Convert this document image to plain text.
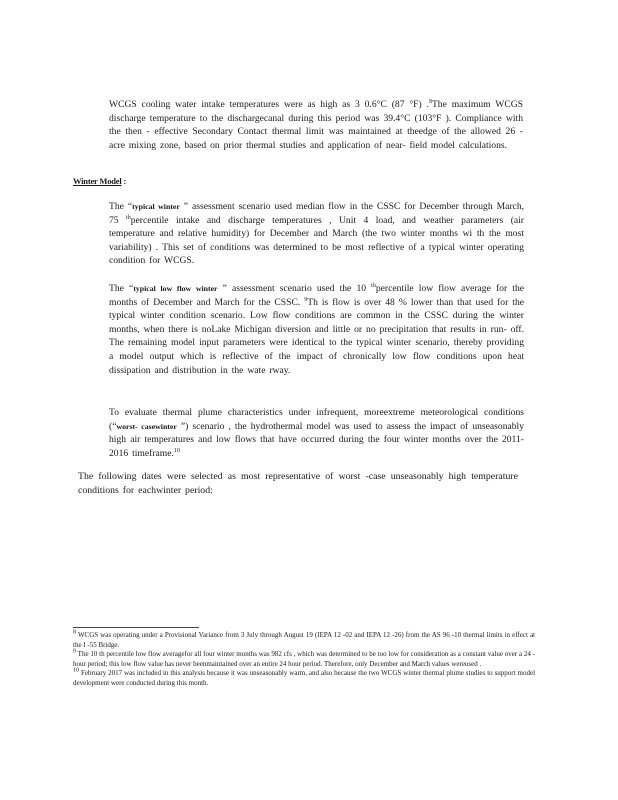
WCGS cooling water intake temperatures were as high as 3 0.6°C (87 °F) .$^8$The maximum WCGS discharge temperature to the dischargecanal during this period was 39.4°C (103°F ). Compliance with the then - effective Secondary Contact thermal limit was maintained at theedge of the allowed 26 -acre mixing zone, based on prior thermal studies and application of near- field model calculations.
Winter Model :
The “typical winter ” assessment scenario used median flow in the CSSC for December through March, 75 $^{th}$percentile intake and discharge temperatures , Unit 4 load, and weather parameters (air temperature and relative humidity) for December and March (the two winter months wi th the most variability) . This set of conditions was determined to be most reflective of a typical winter operating condition for WCGS.
The “typical low flow winter ” assessment scenario used the 10 $^{th}$percentile low flow average for the months of December and March for the CSSC. $^9$Th is flow is over 48 % lower than that used for the typical winter condition scenario. Low flow conditions are common in the CSSC during the winter months, when there is noLake Michigan diversion and little or no precipitation that results in run- off. The remaining model input parameters were identical to the typical winter scenario, thereby providing a model output which is reflective of the impact of chronically low flow conditions upon heat dissipation and distribution in the wate rway.
To evaluate thermal plume characteristics under infrequent, moreextreme meteorological conditions (“worst- casewinter ”) scenario , the hydrothermal model was used to assess the impact of unseasonably high air temperatures and low flows that have occurred during the four winter months over the 2011-2016 timeframe.$^{10}$
The following dates were selected as most representative of worst -case unseasonably high temperature conditions for eachwinter period:

$^8$ WCGS was operating under a Provisional Variance from 3 July through August 19 (IEPA 12 -02 and IEPA 12 -26) from the AS 96 -10 thermal limits in effect at the I -55 Bridge.

$^9$ The 10 th percentile low flow averagefor all four winter months was 982 cfs , which was determined to be too low for consideration as a constant value over a 24 -hour period; this low flow value has never beenmaintained over an entire 24 hour period. Therefore, only December and March values wereused .

$^{10}$ February 2017 was included in this analysis because it was unseasonably warm, and also because the two WCGS winter thermal plume studies to support model development were conducted during this month.
